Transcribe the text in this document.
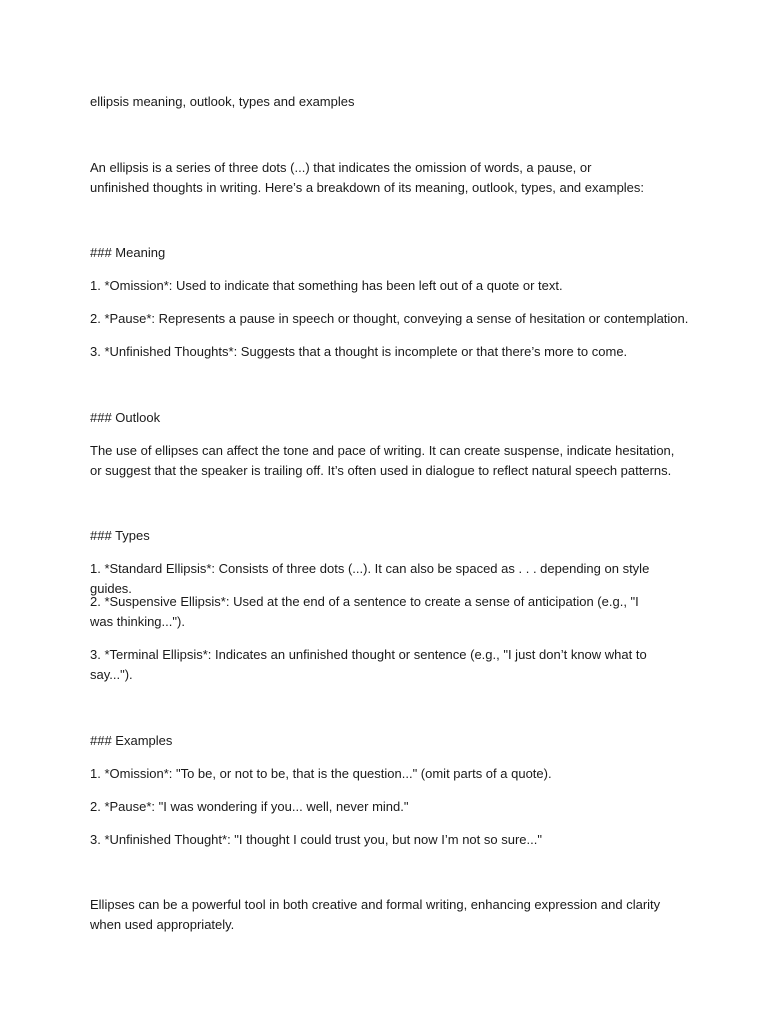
ellipsis meaning, outlook, types and examples

An ellipsis is a series of three dots (...) that indicates the omission of words, a pause, or unfinished thoughts in writing. Here’s a breakdown of its meaning, outlook, types, and examples:

### Meaning

1. *Omission*: Used to indicate that something has been left out of a quote or text.

2. *Pause*: Represents a pause in speech or thought, conveying a sense of hesitation or contemplation.

3. *Unfinished Thoughts*: Suggests that a thought is incomplete or that there’s more to come.

### Outlook

The use of ellipses can affect the tone and pace of writing. It can create suspense, indicate hesitation, or suggest that the speaker is trailing off. It’s often used in dialogue to reflect natural speech patterns.

### Types

1. *Standard Ellipsis*: Consists of three dots (...). It can also be spaced as . . . depending on style guides.

2. *Suspensive Ellipsis*: Used at the end of a sentence to create a sense of anticipation (e.g., "I was thinking...").

3. *Terminal Ellipsis*: Indicates an unfinished thought or sentence (e.g., "I just don’t know what to say...").

### Examples

1. *Omission*: "To be, or not to be, that is the question..." (omit parts of a quote).

2. *Pause*: "I was wondering if you... well, never mind."

3. *Unfinished Thought*: "I thought I could trust you, but now I’m not so sure..."

Ellipses can be a powerful tool in both creative and formal writing, enhancing expression and clarity when used appropriately.
